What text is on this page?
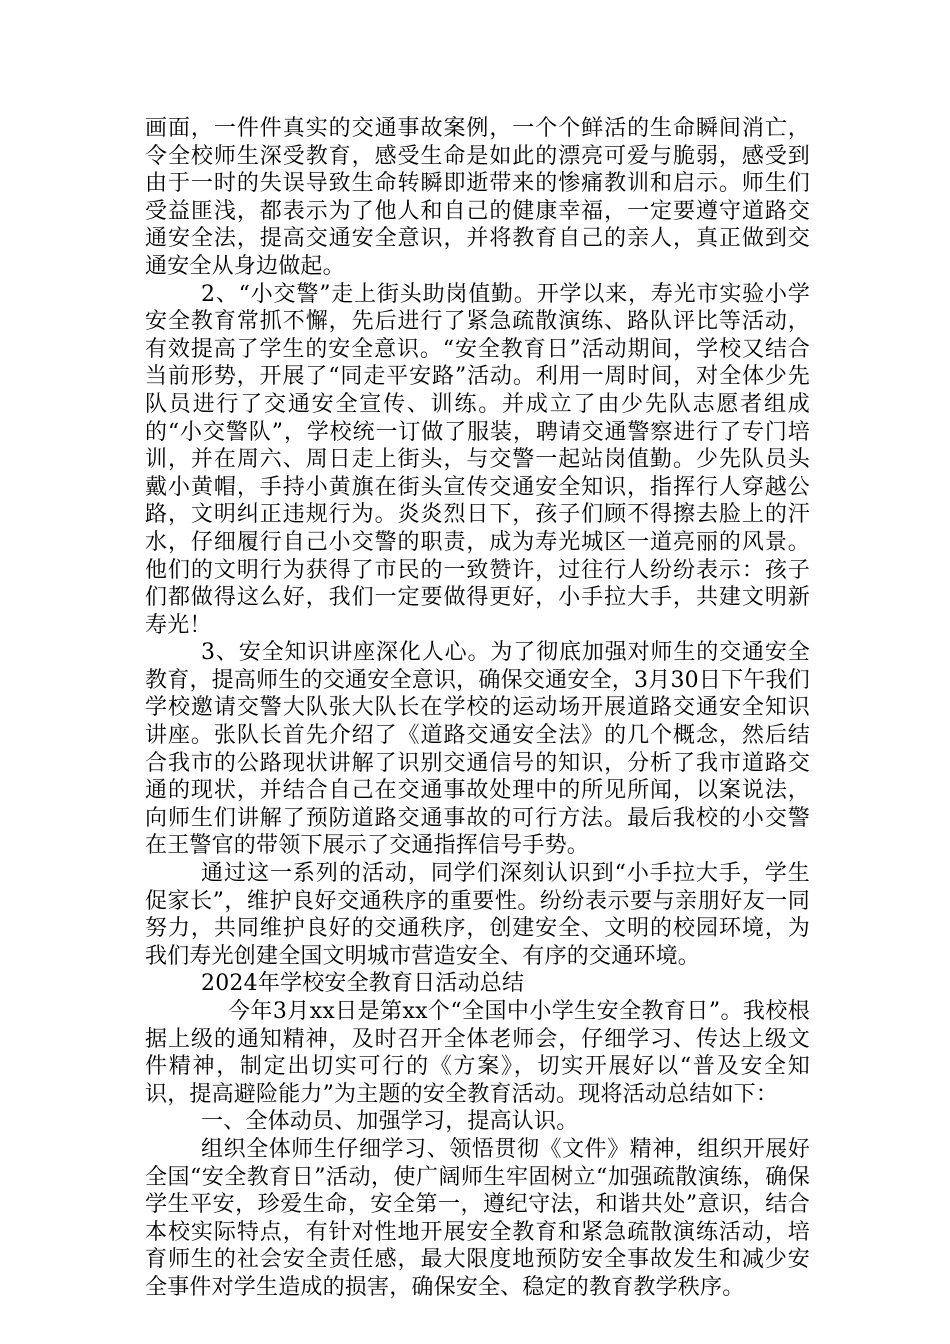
画面，一件件真实的交通事故案例，一个个鲜活的生命瞬间消亡，令全校师生深受教育，感受生命是如此的漂亮可爱与脆弱，感受到由于一时的失误导致生命转瞬即逝带来的惨痛教训和启示。师生们受益匪浅，都表示为了他人和自己的健康幸福，一定要遵守道路交通安全法，提高交通安全意识，并将教育自己的亲人，真正做到交通安全从身边做起。

2、“小交警”走上街头助岗值勤。开学以来，寿光市实验小学安全教育常抓不懈，先后进行了紧急疏散演练、路队评比等活动，有效提高了学生的安全意识。“安全教育日”活动期间，学校又结合当前形势，开展了“同走平安路”活动。利用一周时间，对全体少先队员进行了交通安全宣传、训练。并成立了由少先队志愿者组成的“小交警队”，学校统一订做了服装，聘请交通警察进行了专门培训，并在周六、周日走上街头，与交警一起站岗值勤。少先队员头戴小黄帽，手持小黄旗在街头宣传交通安全知识，指挥行人穿越公路，文明纠正违规行为。炎炎烈日下，孩子们顾不得擦去脸上的汗水，仔细履行自己小交警的职责，成为寿光城区一道亮丽的风景。他们的文明行为获得了市民的一致赞许，过往行人纷纷表示：孩子们都做得这么好，我们一定要做得更好，小手拉大手，共建文明新寿光！

3、安全知识讲座深化人心。为了彻底加强对师生的交通安全教育，提高师生的交通安全意识，确保交通安全，3月30日下午我们学校邀请交警大队张大队长在学校的运动场开展道路交通安全知识讲座。张队长首先介绍了《道路交通安全法》的几个概念，然后结合我市的公路现状讲解了识别交通信号的知识，分析了我市道路交通的现状，并结合自己在交通事故处理中的所见所闻，以案说法，向师生们讲解了预防道路交通事故的可行方法。最后我校的小交警在王警官的带领下展示了交通指挥信号手势。

通过这一系列的活动，同学们深刻认识到“小手拉大手，学生促家长”，维护良好交通秩序的重要性。纷纷表示要与亲朋好友一同努力，共同维护良好的交通秩序，创建安全、文明的校园环境，为我们寿光创建全国文明城市营造安全、有序的交通环境。

2024年学校安全教育日活动总结

今年3月xx日是第xx个“全国中小学生安全教育日”。我校根据上级的通知精神，及时召开全体老师会，仔细学习、传达上级文件精神，制定出切实可行的《方案》，切实开展好以“普及安全知识，提高避险能力”为主题的安全教育活动。现将活动总结如下：

一、全体动员、加强学习，提高认识。

组织全体师生仔细学习、领悟贯彻《文件》精神，组织开展好全国“安全教育日”活动，使广阔师生牢固树立“加强疏散演练，确保学生平安，珍爱生命，安全第一，遵纪守法，和谐共处”意识，结合本校实际特点，有针对性地开展安全教育和紧急疏散演练活动，培育师生的社会安全责任感，最大限度地预防安全事故发生和减少安全事件对学生造成的损害，确保安全、稳定的教育教学秩序。
